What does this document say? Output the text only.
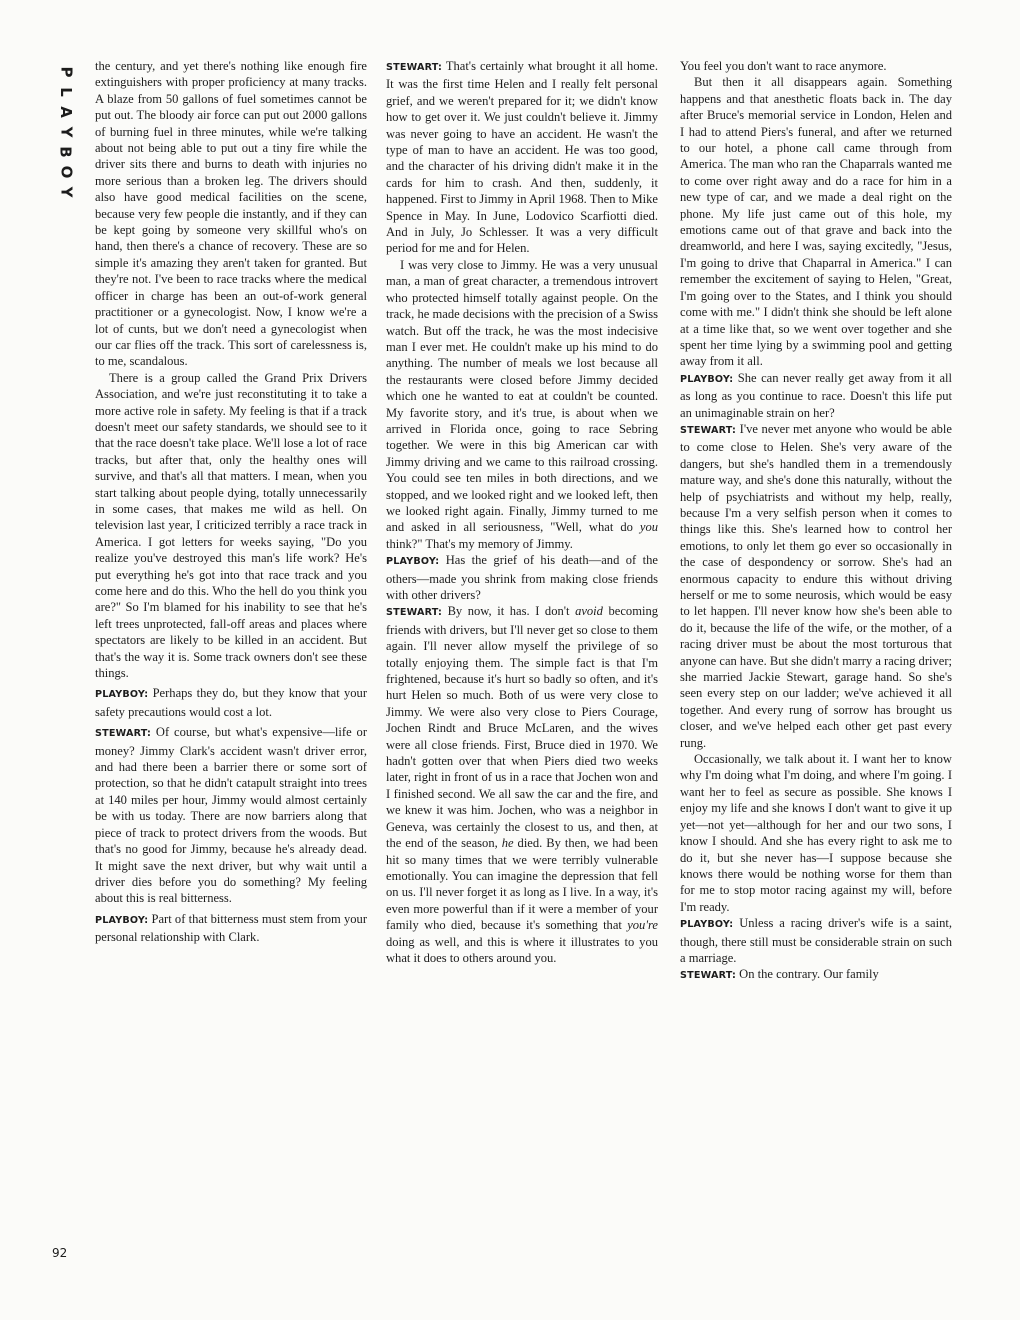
P
L
A
Y
B
O
Y
92

the century, and yet there's nothing like enough fire extinguishers with proper proficiency at many tracks. A blaze from 50 gallons of fuel sometimes cannot be put out. The bloody air force can put out 2000 gallons of burning fuel in three minutes, while we're talking about not being able to put out a tiny fire while the driver sits there and burns to death with injuries no more serious than a broken leg. The drivers should also have good medical facilities on the scene, because very few people die instantly, and if they can be kept going by someone very skillful who's on hand, then there's a chance of recovery. These are so simple it's amazing they aren't taken for granted. But they're not. I've been to race tracks where the medical officer in charge has been an out-of-work general practitioner or a gynecologist. Now, I know we're a lot of cunts, but we don't need a gynecologist when our car flies off the track. This sort of carelessness is, to me, scandalous.

There is a group called the Grand Prix Drivers Association, and we're just reconstituting it to take a more active role in safety. My feeling is that if a track doesn't meet our safety standards, we should see to it that the race doesn't take place. We'll lose a lot of race tracks, but after that, only the healthy ones will survive, and that's all that matters. I mean, when you start talking about people dying, totally unnecessarily in some cases, that makes me wild as hell. On television last year, I criticized terribly a race track in America. I got letters for weeks saying, "Do you realize you've destroyed this man's life work? He's put everything he's got into that race track and you come here and do this. Who the hell do you think you are?" So I'm blamed for his inability to see that he's left trees unprotected, fall-off areas and places where spectators are likely to be killed in an accident. But that's the way it is. Some track owners don't see these things.

PLAYBOY: Perhaps they do, but they know that your safety precautions would cost a lot.

STEWART: Of course, but what's expensive—life or money? Jimmy Clark's accident wasn't driver error, and had there been a barrier there or some sort of protection, so that he didn't catapult straight into trees at 140 miles per hour, Jimmy would almost certainly be with us today. There are now barriers along that piece of track to protect drivers from the woods. But that's no good for Jimmy, because he's already dead. It might save the next driver, but why wait until a driver dies before you do something? My feeling about this is real bitterness.

PLAYBOY: Part of that bitterness must stem from your personal relationship with Clark.

STEWART: That's certainly what brought it all home. It was the first time Helen and I really felt personal grief, and we weren't prepared for it; we didn't know how to get over it. We just couldn't believe it. Jimmy was never going to have an accident. He wasn't the type of man to have an accident. He was too good, and the character of his driving didn't make it in the cards for him to crash. And then, suddenly, it happened. First to Jimmy in April 1968. Then to Mike Spence in May. In June, Lodovico Scarfiotti died. And in July, Jo Schlesser. It was a very difficult period for me and for Helen.

I was very close to Jimmy. He was a very unusual man, a man of great character, a tremendous introvert who protected himself totally against people. On the track, he made decisions with the precision of a Swiss watch. But off the track, he was the most indecisive man I ever met. He couldn't make up his mind to do anything. The number of meals we lost because all the restaurants were closed before Jimmy decided which one he wanted to eat at couldn't be counted. My favorite story, and it's true, is about when we arrived in Florida once, going to race Sebring together. We were in this big American car with Jimmy driving and we came to this railroad crossing. You could see ten miles in both directions, and we stopped, and we looked right and we looked left, then we looked right again. Finally, Jimmy turned to me and asked in all seriousness, "Well, what do you think?" That's my memory of Jimmy.

PLAYBOY: Has the grief of his death—and of the others—made you shrink from making close friends with other drivers?

STEWART: By now, it has. I don't avoid becoming friends with drivers, but I'll never get so close to them again. I'll never allow myself the privilege of so totally enjoying them. The simple fact is that I'm frightened, because it's hurt so badly so often, and it's hurt Helen so much. Both of us were very close to Jimmy. We were also very close to Piers Courage, Jochen Rindt and Bruce McLaren, and the wives were all close friends. First, Bruce died in 1970. We hadn't gotten over that when Piers died two weeks later, right in front of us in a race that Jochen won and I finished second. We all saw the car and the fire, and we knew it was him. Jochen, who was a neighbor in Geneva, was certainly the closest to us, and then, at the end of the season, he died. By then, we had been hit so many times that we were terribly vulnerable emotionally. You can imagine the depression that fell on us. I'll never forget it as long as I live. In a way, it's even more powerful than if it were a member of your family who died, because it's something that you're doing as well, and this is where it illustrates to you what it does to others around you.

You feel you don't want to race anymore.

But then it all disappears again. Something happens and that anesthetic floats back in. The day after Bruce's memorial service in London, Helen and I had to attend Piers's funeral, and after we returned to our hotel, a phone call came through from America. The man who ran the Chaparrals wanted me to come over right away and do a race for him in a new type of car, and we made a deal right on the phone. My life just came out of this hole, my emotions came out of that grave and back into the dreamworld, and here I was, saying excitedly, "Jesus, I'm going to drive that Chaparral in America." I can remember the excitement of saying to Helen, "Great, I'm going over to the States, and I think you should come with me." I didn't think she should be left alone at a time like that, so we went over together and she spent her time lying by a swimming pool and getting away from it all.

PLAYBOY: She can never really get away from it all as long as you continue to race. Doesn't this life put an unimaginable strain on her?

STEWART: I've never met anyone who would be able to come close to Helen. She's very aware of the dangers, but she's handled them in a tremendously mature way, and she's done this naturally, without the help of psychiatrists and without my help, really, because I'm a very selfish person when it comes to things like this. She's learned how to control her emotions, to only let them go ever so occasionally in the case of despondency or sorrow. She's had an enormous capacity to endure this without driving herself or me to some neurosis, which would be easy to let happen. I'll never know how she's been able to do it, because the life of the wife, or the mother, of a racing driver must be about the most torturous that anyone can have. But she didn't marry a racing driver; she married Jackie Stewart, garage hand. So she's seen every step on our ladder; we've achieved it all together. And every rung of sorrow has brought us closer, and we've helped each other get past every rung.

Occasionally, we talk about it. I want her to know why I'm doing what I'm doing, and where I'm going. I want her to feel as secure as possible. She knows I enjoy my life and she knows I don't want to give it up yet—not yet—although for her and our two sons, I know I should. And she has every right to ask me to do it, but she never has—I suppose because she knows there would be nothing worse for them than for me to stop motor racing against my will, before I'm ready.

PLAYBOY: Unless a racing driver's wife is a saint, though, there still must be considerable strain on such a marriage.

STEWART: On the contrary. Our family
